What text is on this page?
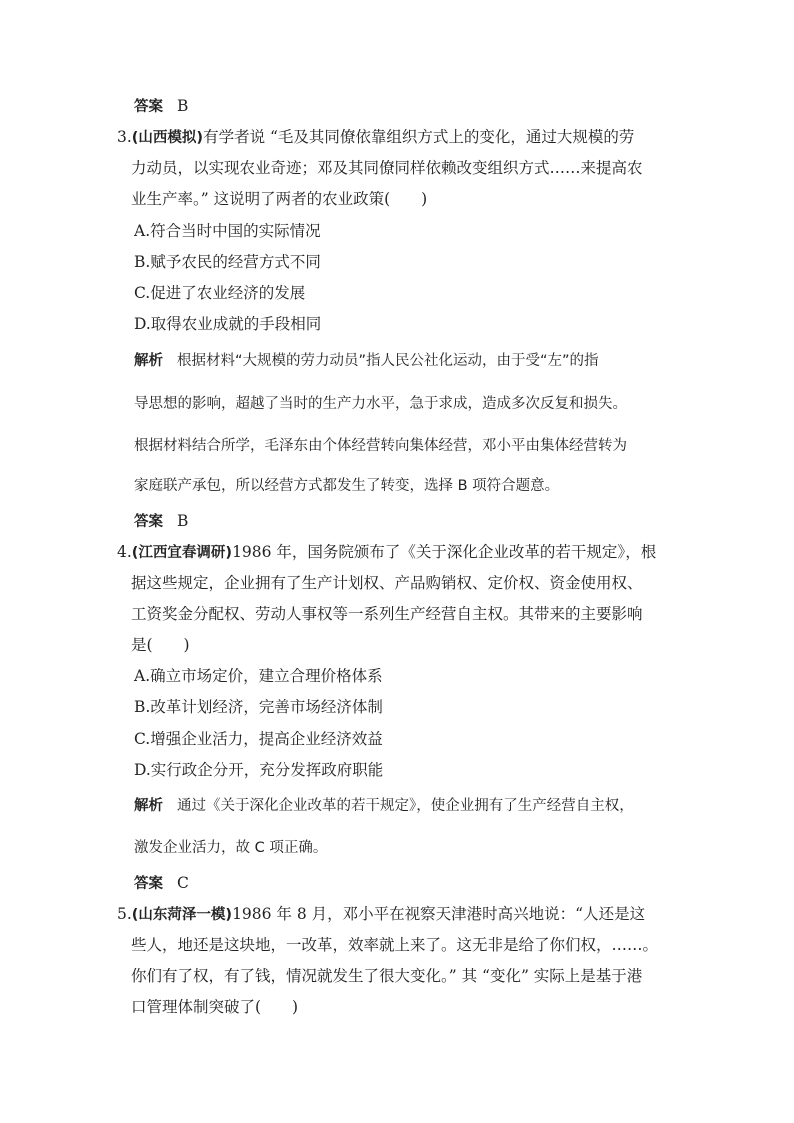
答案 B
3.(山西模拟)有学者说 “毛及其同僚依靠组织方式上的变化，通过大规模的劳
力动员，以实现农业奇迹；邓及其同僚同样依赖改变组织方式……来提高农
业生产率。” 这说明了两者的农业政策(　　)
A.符合当时中国的实际情况
B.赋予农民的经营方式不同
C.促进了农业经济的发展
D.取得农业成就的手段相同
解析 根据材料“大规模的劳力动员”指人民公社化运动，由于受“左”的指
导思想的影响，超越了当时的生产力水平，急于求成，造成多次反复和损失。
根据材料结合所学，毛泽东由个体经营转向集体经营，邓小平由集体经营转为
家庭联产承包，所以经营方式都发生了转变，选择 B 项符合题意。
答案 B
4.(江西宜春调研)1986 年，国务院颁布了《关于深化企业改革的若干规定》，根
据这些规定，企业拥有了生产计划权、产品购销权、定价权、资金使用权、
工资奖金分配权、劳动人事权等一系列生产经营自主权。其带来的主要影响
是(　　)
A.确立市场定价，建立合理价格体系
B.改革计划经济，完善市场经济体制
C.增强企业活力，提高企业经济效益
D.实行政企分开，充分发挥政府职能
解析 通过《关于深化企业改革的若干规定》，使企业拥有了生产经营自主权，
激发企业活力，故 C 项正确。
答案 C
5.(山东菏泽一模)1986 年 8 月，邓小平在视察天津港时高兴地说：“人还是这
些人，地还是这块地，一改革，效率就上来了。这无非是给了你们权，……。
你们有了权，有了钱，情况就发生了很大变化。” 其 “变化” 实际上是基于港
口管理体制突破了(　　)
